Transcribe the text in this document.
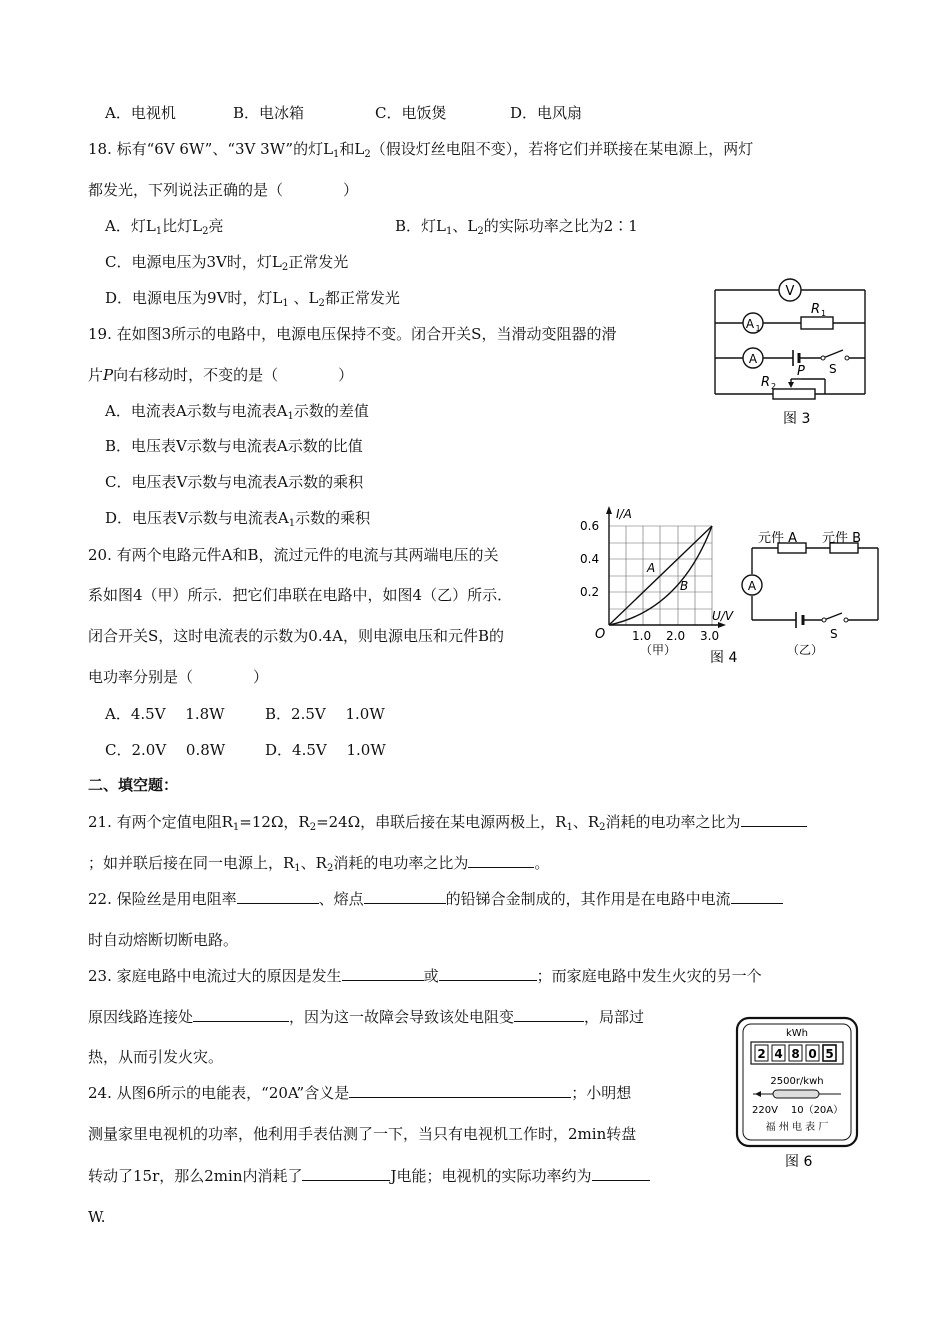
A．电视机	B．电冰箱	C．电饭煲	D．电风扇
18. 标有“6V 6W”、“3V 3W”的灯$L_1$和$L_2$（假设灯丝电阻不变），若将它们并联接在某电源上，两灯
都发光，下列说法正确的是（　　　　）
A．灯$L_1$比灯$L_2$亮	B．灯$L_1$、$L_2$的实际功率之比为2∶1
C．电源电压为3V时，灯$L_2$正常发光
D．电源电压为9V时，灯$L_1$ 、$L_2$都正常发光
19. 在如图3所示的电路中，电源电压保持不变。闭合开关S，当滑动变阻器的滑
片P向右移动时，不变的是（　　　　）
A．电流表A示数与电流表$A_1$示数的差值
B．电压表V示数与电流表A示数的比值
C．电压表V示数与电流表A示数的乘积
D．电压表V示数与电流表$A_1$示数的乘积
V
A 1
A
R 1
R 2
P S
图 3
20. 有两个电路元件A和B，流过元件的电流与其两端电压的关
系如图4（甲）所示．把它们串联在电路中，如图4（乙）所示．
闭合开关S，这时电流表的示数为0.4A，则电源电压和元件B的
电功率分别是（　　　　）
A．4.5V　 1.8W	B．2.5V　 1.0W
C．2.0V　 0.8W	D．4.5V　 1.0W
I/A
U/V
0.6
0.4
0.2
O 1.0 2.0 3.0
A
B
（甲） 图 4	（乙）
A
元件 A 元件 B
S
二、填空题：
21. 有两个定值电阻$R_1=12\Omega$，$R_2=24\Omega$，串联后接在某电源两极上，$R_1$、$R_2$消耗的电功率之比为
；如并联后接在同一电源上，$R_1$、$R_2$消耗的电功率之比为	。
22. 保险丝是用电阻率	、熔点	的铅锑合金制成的，其作用是在电路中电流
时自动熔断切断电路。
23. 家庭电路中电流过大的原因是发生	或	；而家庭电路中发生火灾的另一个
原因线路连接处	，因为这一故障会导致该处电阻变	，局部过
热，从而引发火灾。
24. 从图6所示的电能表，“20A”含义是	；小明想
测量家里电视机的功率，他利用手表估测了一下，当只有电视机工作时，2min转盘
转动了15r，那么2min内消耗了	J电能；电视机的实际功率约为
W.
kWh
2 4 8 0 5
2500r/kwh
220V 10（20A）
福 州 电 表 厂
图 6
